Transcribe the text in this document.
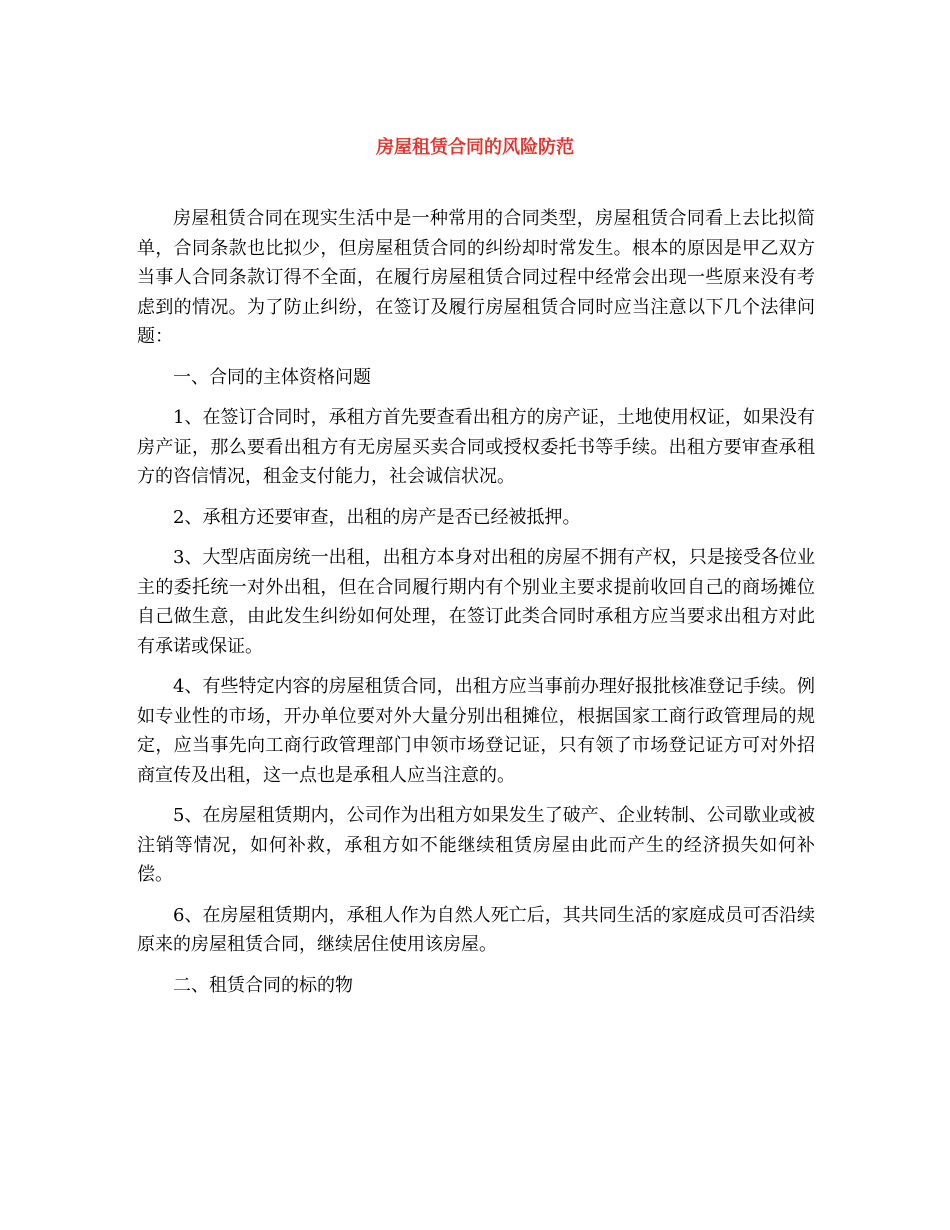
房屋租赁合同的风险防范

房屋租赁合同在现实生活中是一种常用的合同类型，房屋租赁合同看上去比拟简单，合同条款也比拟少，但房屋租赁合同的纠纷却时常发生。根本的原因是甲乙双方当事人合同条款订得不全面，在履行房屋租赁合同过程中经常会出现一些原来没有考虑到的情况。为了防止纠纷，在签订及履行房屋租赁合同时应当注意以下几个法律问题：

一、合同的主体资格问题

1、在签订合同时，承租方首先要查看出租方的房产证，土地使用权证，如果没有房产证，那么要看出租方有无房屋买卖合同或授权委托书等手续。出租方要审查承租方的咨信情况，租金支付能力，社会诚信状况。

2、承租方还要审查，出租的房产是否已经被抵押。

3、大型店面房统一出租，出租方本身对出租的房屋不拥有产权，只是接受各位业主的委托统一对外出租，但在合同履行期内有个别业主要求提前收回自己的商场摊位自己做生意，由此发生纠纷如何处理，在签订此类合同时承租方应当要求出租方对此有承诺或保证。

4、有些特定内容的房屋租赁合同，出租方应当事前办理好报批核准登记手续。例如专业性的市场，开办单位要对外大量分别出租摊位，根据国家工商行政管理局的规定，应当事先向工商行政管理部门申领市场登记证，只有领了市场登记证方可对外招商宣传及出租，这一点也是承租人应当注意的。

5、在房屋租赁期内，公司作为出租方如果发生了破产、企业转制、公司歇业或被注销等情况，如何补救，承租方如不能继续租赁房屋由此而产生的经济损失如何补偿。

6、在房屋租赁期内，承租人作为自然人死亡后，其共同生活的家庭成员可否沿续原来的房屋租赁合同，继续居住使用该房屋。

二、租赁合同的标的物
